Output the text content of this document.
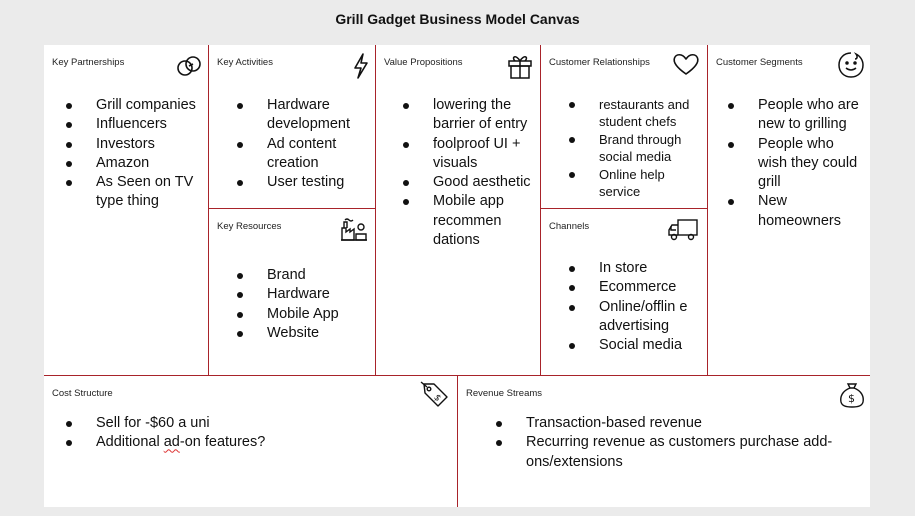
Grill Gadget Business Model Canvas
Key Partnerships
Grill companies
Influencers
Investors
Amazon
As Seen on TV type thing
Key Activities
Hardware development
Ad content creation
User testing
Key Resources
Brand
Hardware
Mobile App
Website
Value Propositions
lowering the barrier of entry
foolproof UI + visuals
Good aesthetic
Mobile app recommen dations
Customer Relationships
restaurants and student chefs
Brand through social media
Online help service
Channels
In store
Ecommerce
Online/offlin e advertising
Social media
Customer Segments
People who are new to grilling
People who wish they could grill
New homeowners
Cost Structure	$
Sell for -$60 a uni
Additional ad-on features?
Revenue Streams	$
Transaction-based revenue
Recurring revenue as customers purchase add-ons/extensions
